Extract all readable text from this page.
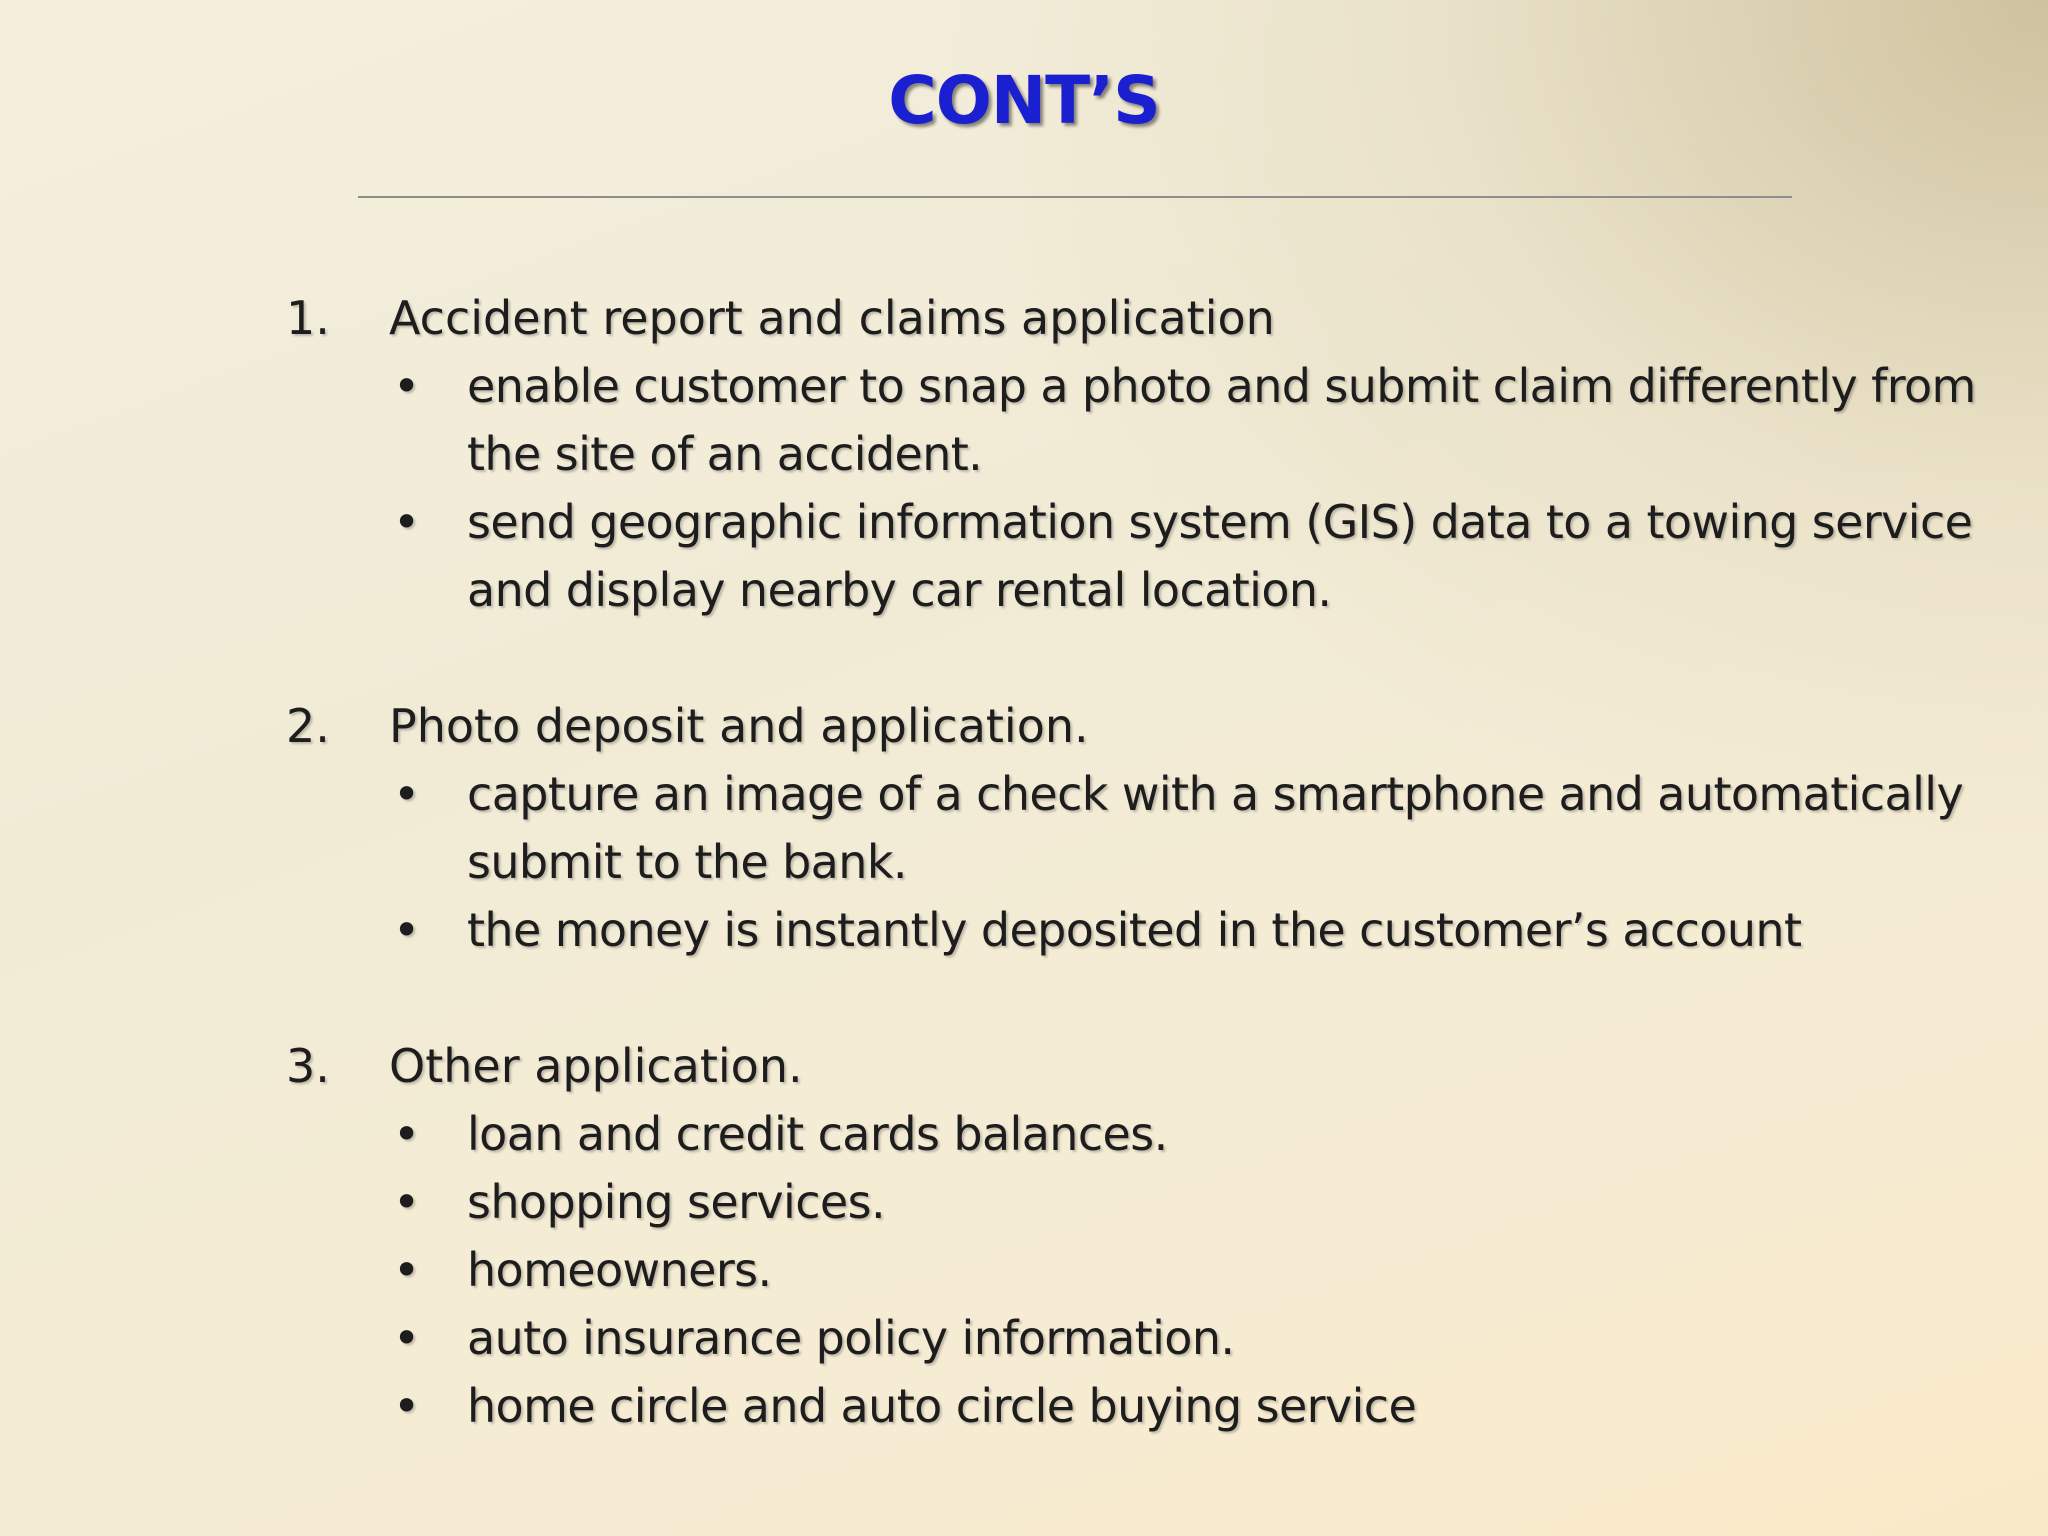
CONT’S
1.	Accident report and claims application
•	enable customer to snap a photo and submit claim differently from the site of an accident.
•	send geographic information system (GIS) data to a towing service and display nearby car rental location.
2.	Photo deposit and application.
•	capture an image of a check with a smartphone and automatically submit to the bank.
•	the money is instantly deposited in the customer’s account
3.	Other application.
•	loan and credit cards balances.
•	shopping services.
•	homeowners.
•	auto insurance policy information.
•	home circle and auto circle buying service
